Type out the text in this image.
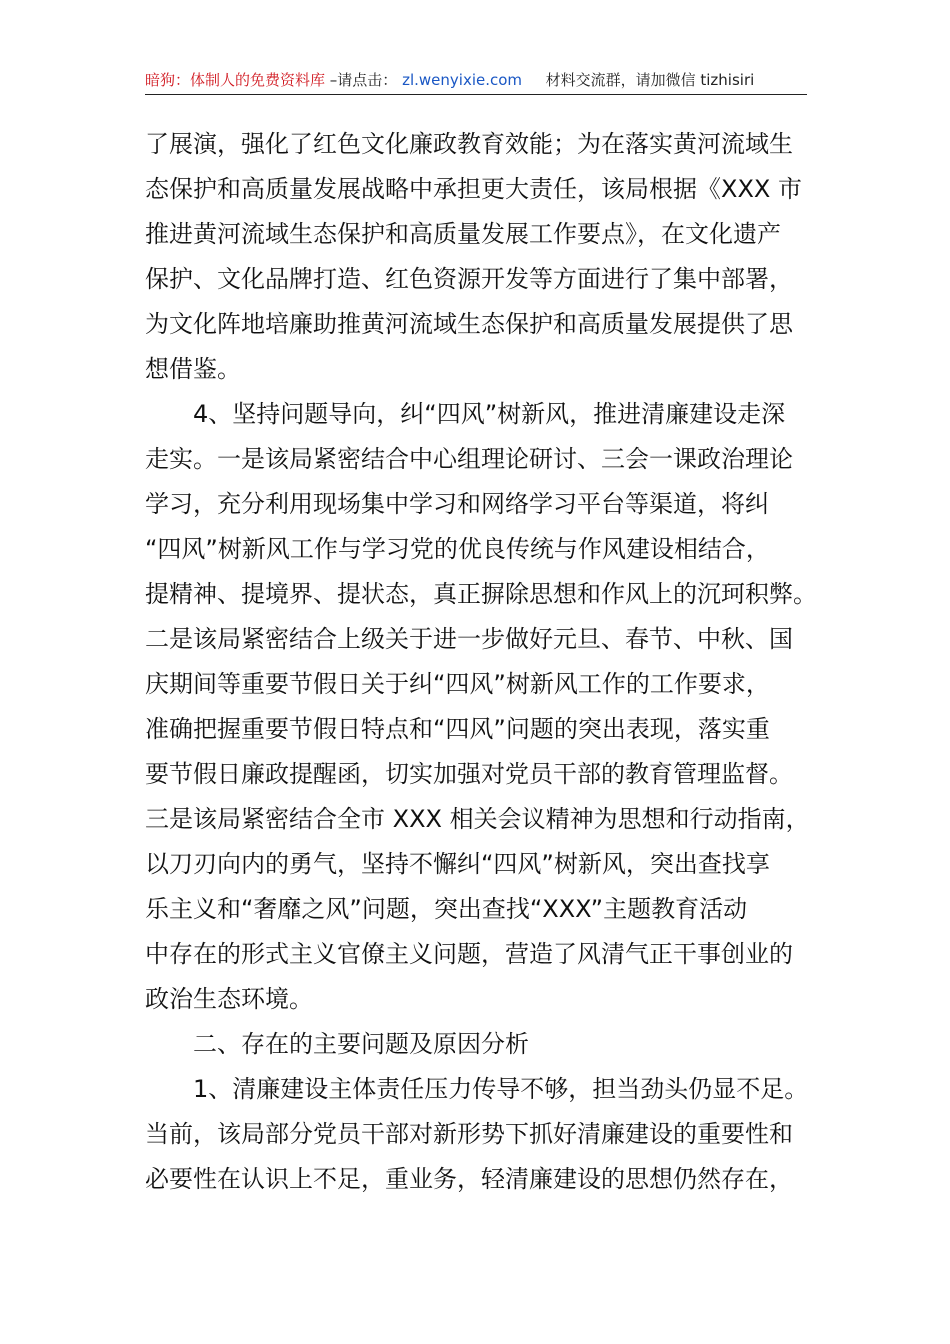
暗狗：体制人的免费资料库 –请点击： zl.wenyixie.com 材料交流群，请加微信 tizhisiri
了展演，强化了红色文化廉政教育效能；为在落实黄河流域生
态保护和高质量发展战略中承担更大责任，该局根据《XXX 市
推进黄河流域生态保护和高质量发展工作要点》，在文化遗产
保护、文化品牌打造、红色资源开发等方面进行了集中部署，
为文化阵地培廉助推黄河流域生态保护和高质量发展提供了思
想借鉴。
4、坚持问题导向，纠“四风”树新风，推进清廉建设走深
走实。一是该局紧密结合中心组理论研讨、三会一课政治理论
学习，充分利用现场集中学习和网络学习平台等渠道，将纠
“四风”树新风工作与学习党的优良传统与作风建设相结合，
提精神、提境界、提状态，真正摒除思想和作风上的沉珂积弊。
二是该局紧密结合上级关于进一步做好元旦、春节、中秋、国
庆期间等重要节假日关于纠“四风”树新风工作的工作要求，
准确把握重要节假日特点和“四风”问题的突出表现，落实重
要节假日廉政提醒函，切实加强对党员干部的教育管理监督。
三是该局紧密结合全市 XXX 相关会议精神为思想和行动指南，
以刀刃向内的勇气，坚持不懈纠“四风”树新风，突出查找享
乐主义和“奢靡之风”问题，突出查找“XXX”主题教育活动
中存在的形式主义官僚主义问题，营造了风清气正干事创业的
政治生态环境。
二、存在的主要问题及原因分析
1、清廉建设主体责任压力传导不够，担当劲头仍显不足。
当前，该局部分党员干部对新形势下抓好清廉建设的重要性和
必要性在认识上不足，重业务，轻清廉建设的思想仍然存在，
